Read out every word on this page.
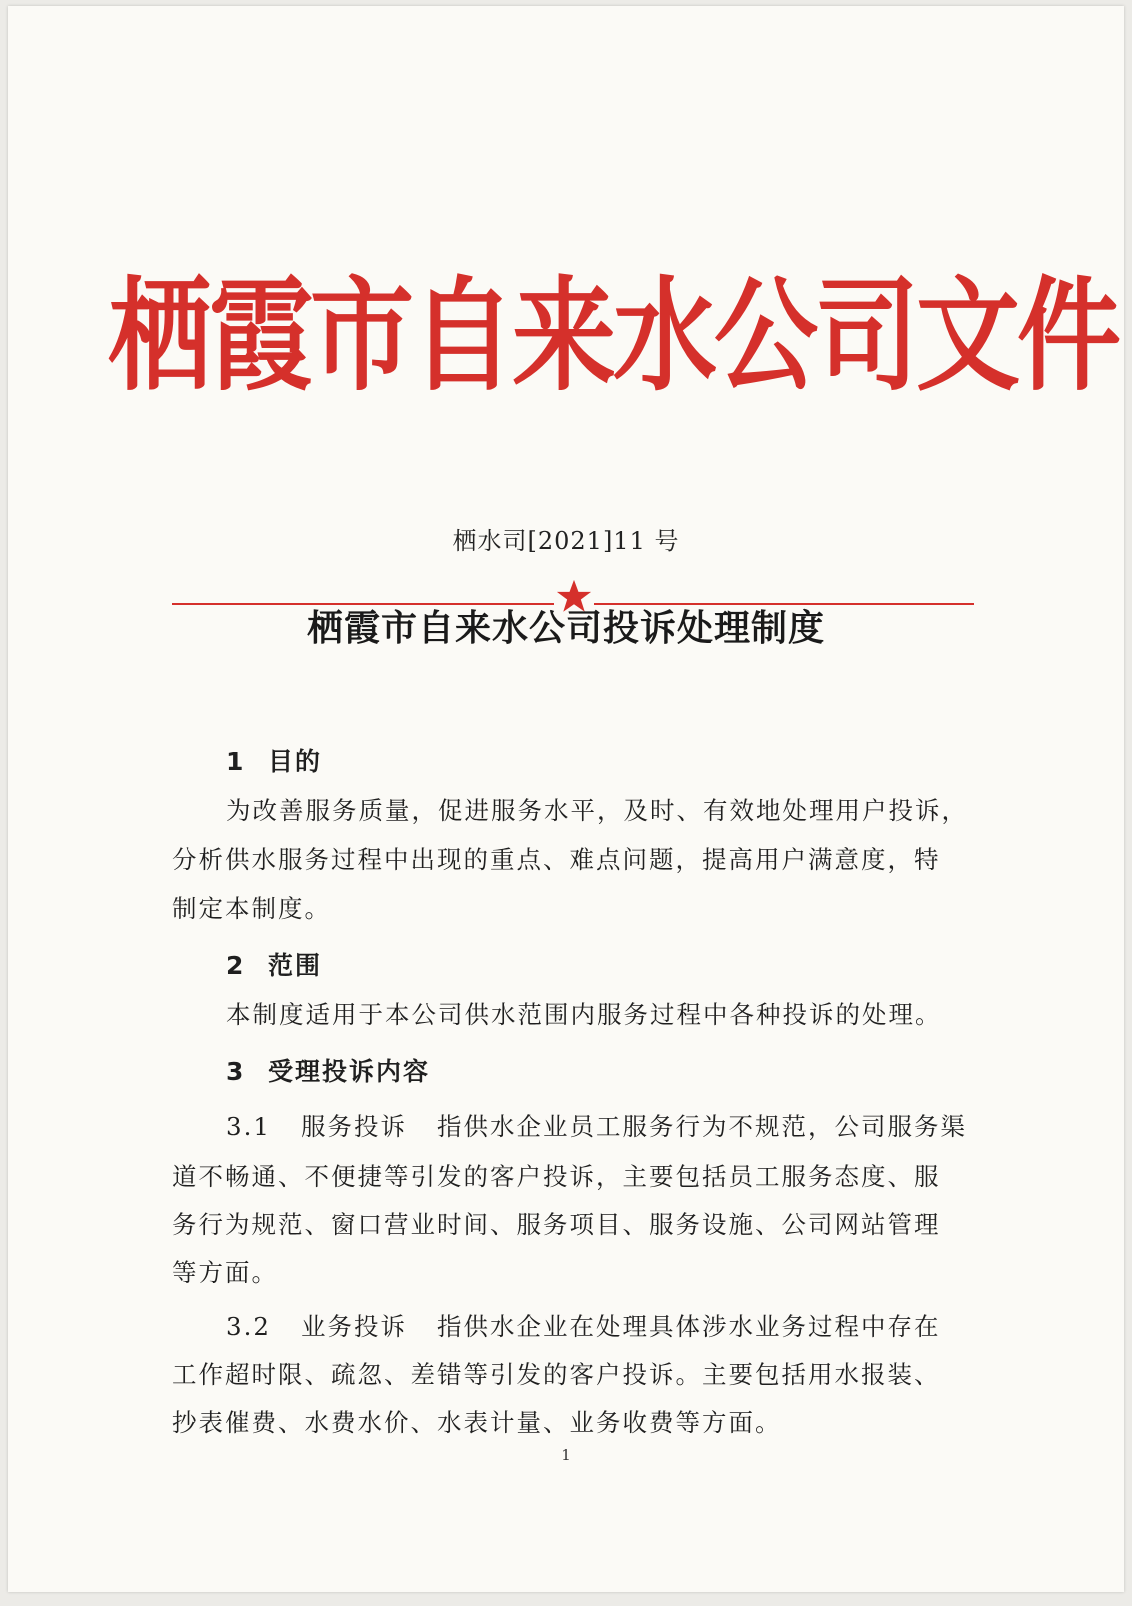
栖霞市自来水公司文件
栖水司[2021]11 号
栖霞市自来水公司投诉处理制度
1 目的
为改善服务质量，促进服务水平，及时、有效地处理用户投诉，
分析供水服务过程中出现的重点、难点问题，提高用户满意度，特
制定本制度。
2 范围
本制度适用于本公司供水范围内服务过程中各种投诉的处理。
3 受理投诉内容
3.1 服务投诉 指供水企业员工服务行为不规范，公司服务渠
道不畅通、不便捷等引发的客户投诉，主要包括员工服务态度、服
务行为规范、窗口营业时间、服务项目、服务设施、公司网站管理
等方面。
3.2 业务投诉 指供水企业在处理具体涉水业务过程中存在
工作超时限、疏忽、差错等引发的客户投诉。主要包括用水报装、
抄表催费、水费水价、水表计量、业务收费等方面。
1
